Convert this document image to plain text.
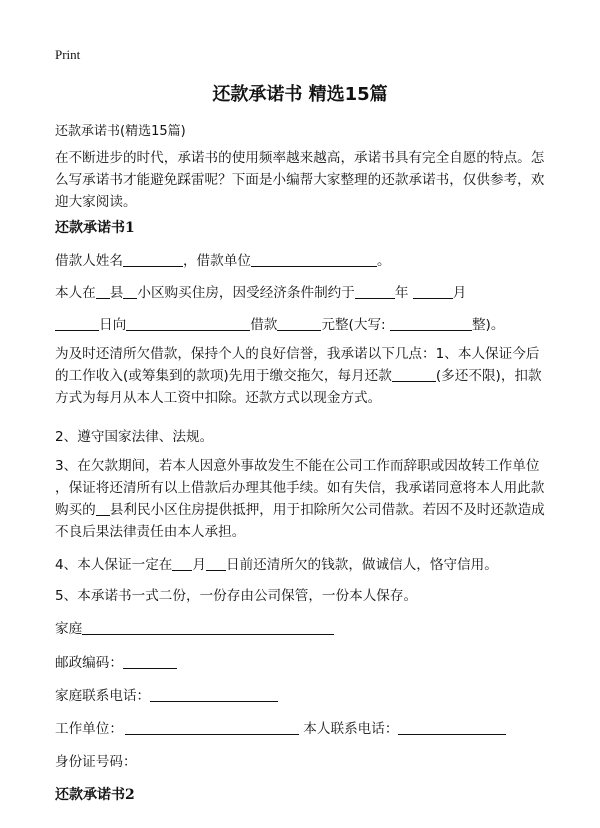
Print
还款承诺书 精选15篇
还款承诺书(精选15篇)
在不断进步的时代，承诺书的使用频率越来越高，承诺书具有完全自愿的特点。怎
么写承诺书才能避免踩雷呢？下面是小编帮大家整理的还款承诺书，仅供参考，欢
迎大家阅读。
还款承诺书1
借款人姓名	，借款单位	。
本人在 县 小区购买住房，因受经济条件制约于	年	月
日向	借款	元整(大写:	整)。
为及时还清所欠借款，保持个人的良好信誉，我承诺以下几点：1、本人保证今后
的工作收入(或筹集到的款项)先用于缴交拖欠，每月还款	(多还不限)，扣款
方式为每月从本人工资中扣除。还款方式以现金方式。
2、遵守国家法律、法规。
3、在欠款期间，若本人因意外事故发生不能在公司工作而辞职或因故转工作单位
，保证将还清所有以上借款后办理其他手续。如有失信，我承诺同意将本人用此款
购买的 县利民小区住房提供抵押，用于扣除所欠公司借款。若因不及时还款造成
不良后果法律责任由本人承担。
4、本人保证一定在 月 日前还清所欠的钱款，做诚信人，恪守信用。
5、本承诺书一式二份，一份存由公司保管，一份本人保存。
家庭
邮政编码：
家庭联系电话：
工作单位：	本人联系电话：
身份证号码：
还款承诺书2
